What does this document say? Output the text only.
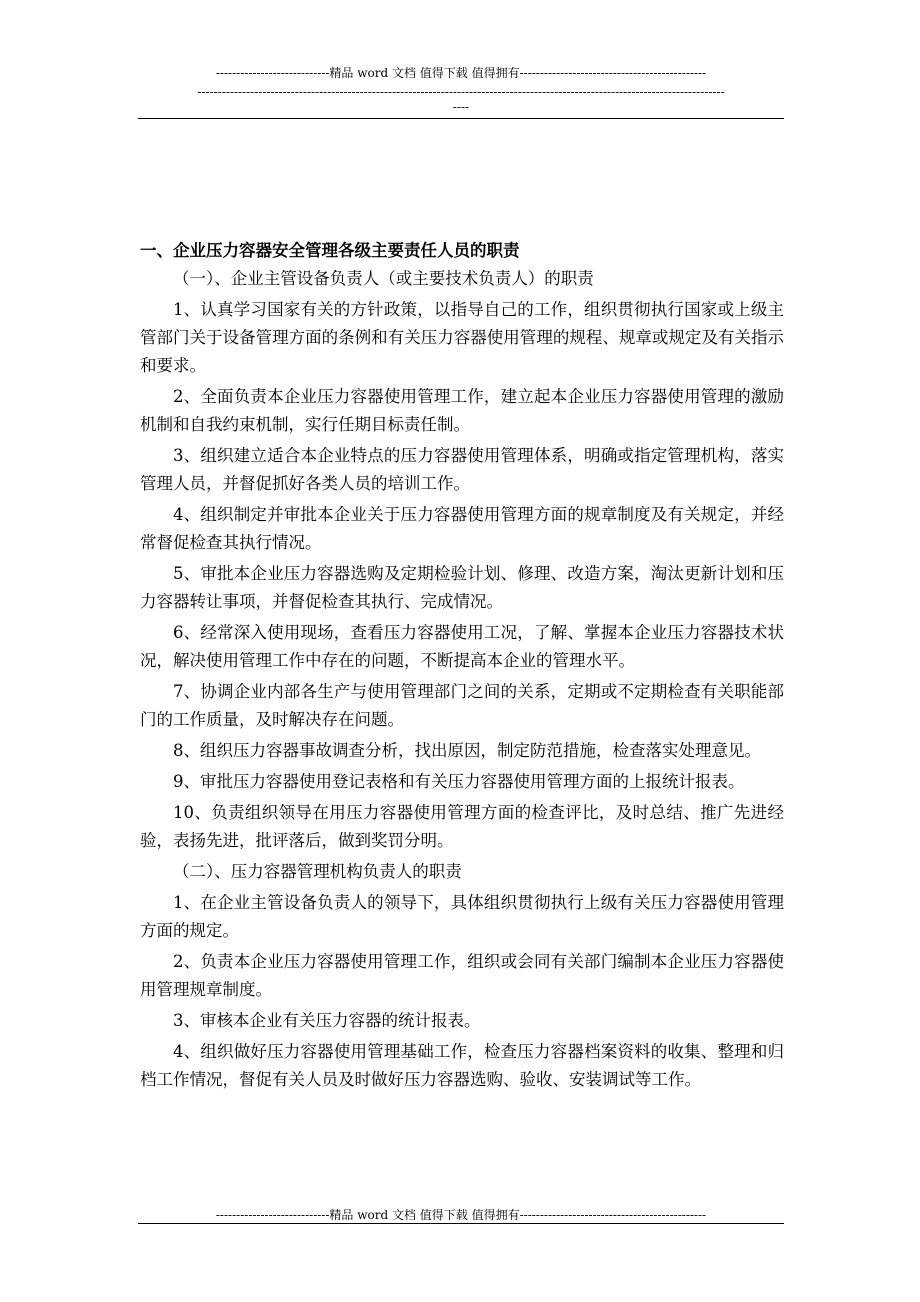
----------------------------精品 word 文档 值得下载 值得拥有----------------------------------------------
----------------------------------------------------------------------------------------------------------------------------------
----

一、企业压力容器安全管理各级主要责任人员的职责

（一）、企业主管设备负责人（或主要技术负责人）的职责

1、认真学习国家有关的方针政策，以指导自己的工作，组织贯彻执行国家或上级主管部门关于设备管理方面的条例和有关压力容器使用管理的规程、规章或规定及有关指示和要求。

2、全面负责本企业压力容器使用管理工作，建立起本企业压力容器使用管理的激励机制和自我约束机制，实行任期目标责任制。

3、组织建立适合本企业特点的压力容器使用管理体系，明确或指定管理机构，落实管理人员，并督促抓好各类人员的培训工作。

4、组织制定并审批本企业关于压力容器使用管理方面的规章制度及有关规定，并经常督促检查其执行情况。

5、审批本企业压力容器选购及定期检验计划、修理、改造方案，淘汰更新计划和压力容器转让事项，并督促检查其执行、完成情况。

6、经常深入使用现场，查看压力容器使用工况，了解、掌握本企业压力容器技术状况，解决使用管理工作中存在的问题，不断提高本企业的管理水平。

7、协调企业内部各生产与使用管理部门之间的关系，定期或不定期检查有关职能部门的工作质量，及时解决存在问题。

8、组织压力容器事故调查分析，找出原因，制定防范措施，检查落实处理意见。

9、审批压力容器使用登记表格和有关压力容器使用管理方面的上报统计报表。

10、负责组织领导在用压力容器使用管理方面的检查评比，及时总结、推广先进经验，表扬先进，批评落后，做到奖罚分明。

（二）、压力容器管理机构负责人的职责

1、在企业主管设备负责人的领导下，具体组织贯彻执行上级有关压力容器使用管理方面的规定。

2、负责本企业压力容器使用管理工作，组织或会同有关部门编制本企业压力容器使用管理规章制度。

3、审核本企业有关压力容器的统计报表。

4、组织做好压力容器使用管理基础工作，检查压力容器档案资料的收集、整理和归档工作情况，督促有关人员及时做好压力容器选购、验收、安装调试等工作。

----------------------------精品 word 文档 值得下载 值得拥有----------------------------------------------
